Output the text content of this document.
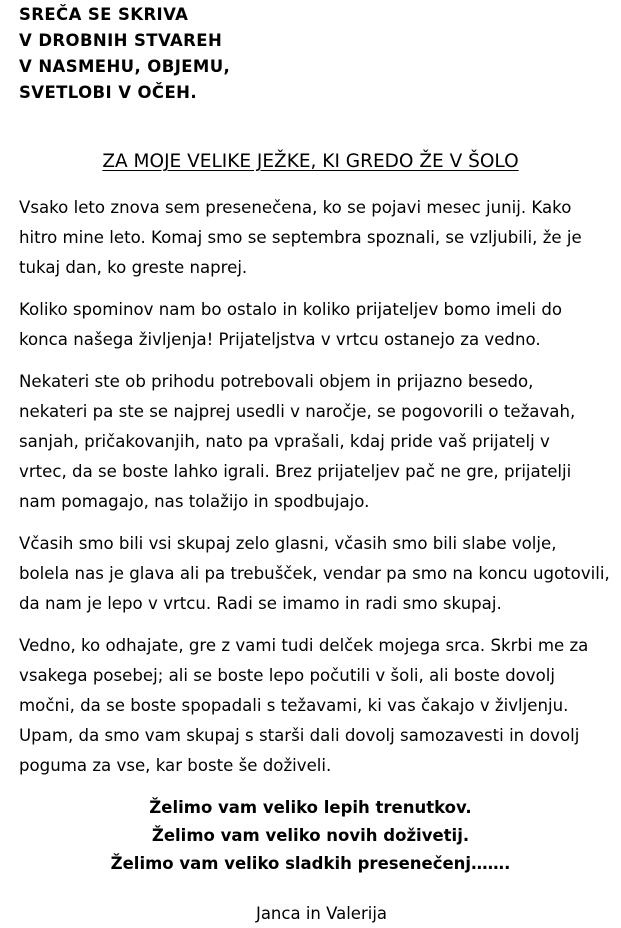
SREČA SE SKRIVA
V DROBNIH STVAREH
V NASMEHU, OBJEMU,
SVETLOBI V OČEH.
ZA MOJE VELIKE JEŽKE, KI GREDO ŽE V ŠOLO

Vsako leto znova sem presenečena, ko se pojavi mesec junij. Kako
hitro mine leto. Komaj smo se septembra spoznali, se vzljubili, že je
tukaj dan, ko greste naprej.

Koliko spominov nam bo ostalo in koliko prijateljev bomo imeli do
konca našega življenja! Prijateljstva v vrtcu ostanejo za vedno.

Nekateri ste ob prihodu potrebovali objem in prijazno besedo,
nekateri pa ste se najprej usedli v naročje, se pogovorili o težavah,
sanjah, pričakovanjih, nato pa vprašali, kdaj pride vaš prijatelj v
vrtec, da se boste lahko igrali. Brez prijateljev pač ne gre, prijatelji
nam pomagajo, nas tolažijo in spodbujajo.

Včasih smo bili vsi skupaj zelo glasni, včasih smo bili slabe volje,
bolela nas je glava ali pa trebušček, vendar pa smo na koncu ugotovili,
da nam je lepo v vrtcu. Radi se imamo in radi smo skupaj.

Vedno, ko odhajate, gre z vami tudi delček mojega srca. Skrbi me za
vsakega posebej; ali se boste lepo počutili v šoli, ali boste dovolj
močni, da se boste spopadali s težavami, ki vas čakajo v življenju.
Upam, da smo vam skupaj s starši dali dovolj samozavesti in dovolj
poguma za vse, kar boste še doživeli.

Želimo vam veliko lepih trenutkov.
Želimo vam veliko novih doživetij.
Želimo vam veliko sladkih presenečenj…….
Janca in Valerija
